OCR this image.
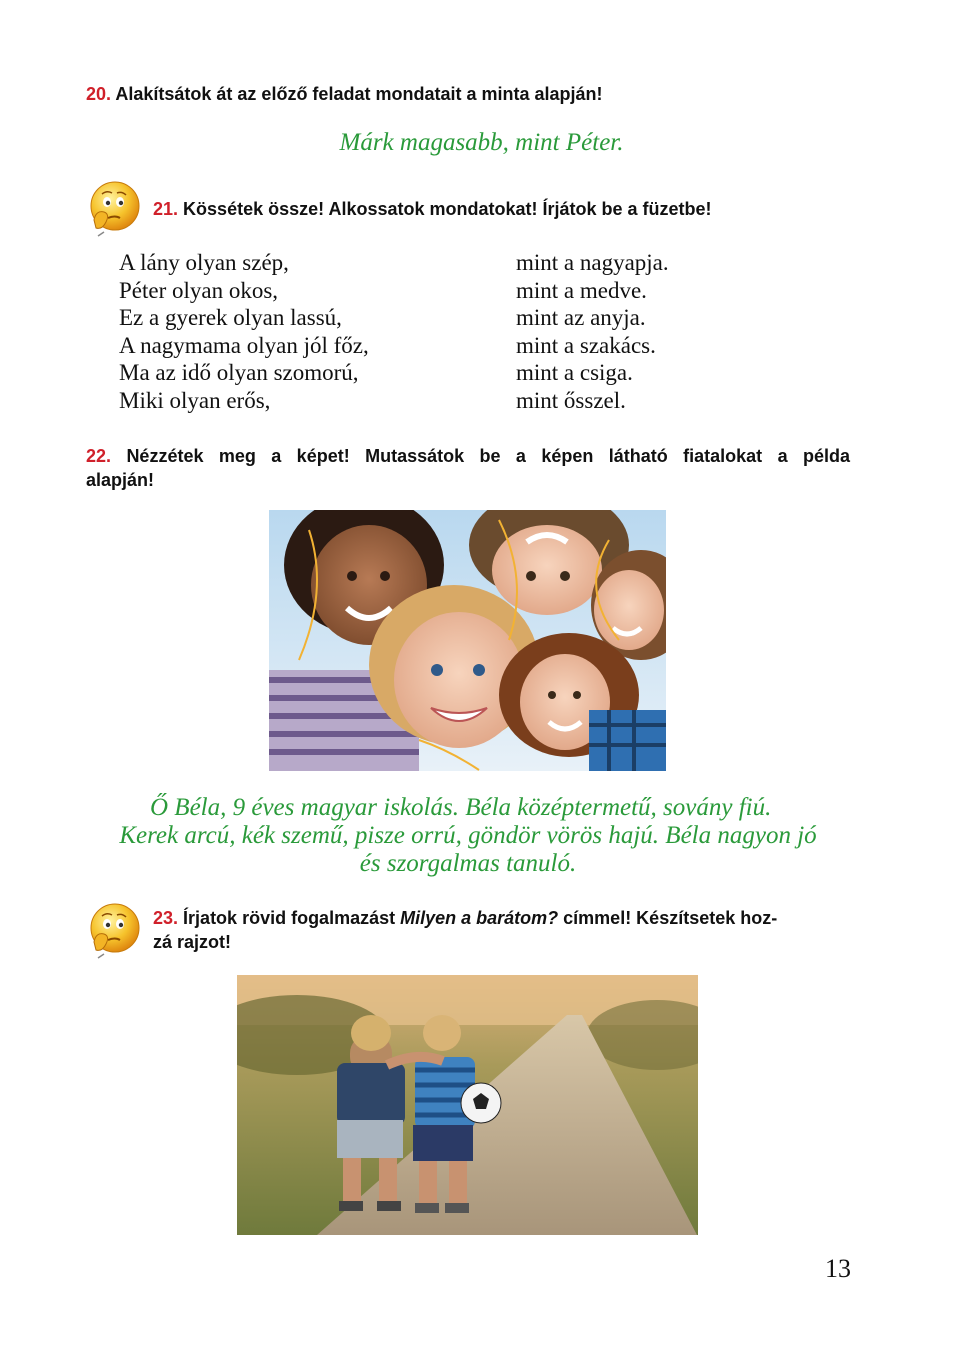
20. Alakítsátok át az előző feladat mondatait a minta alapján!
Márk magasabb, mint Péter.
21. Kössétek össze! Alkossatok mondatokat! Írjátok be a füzetbe!
A lány olyan szép,
Péter olyan okos,
Ez a gyerek olyan lassú,
A nagymama olyan jól főz,
Ma az idő olyan szomorú,
Miki olyan erős,
mint a nagyapja.
mint a medve.
mint az anyja.
mint a szakács.
mint a csiga.
mint ősszel.
22. Nézzétek meg a képet! Mutassátok be a képen látható fiatalokat a példa
alapján!
Ő Béla, 9 éves magyar iskolás. Béla középtermetű, sovány fiú.
Kerek arcú, kék szemű, pisze orrú, göndör vörös hajú. Béla nagyon jó
és szorgalmas tanuló.
23. Írjatok rövid fogalmazást Milyen a barátom? címmel! Készítsetek hoz-
zá rajzot!
13
